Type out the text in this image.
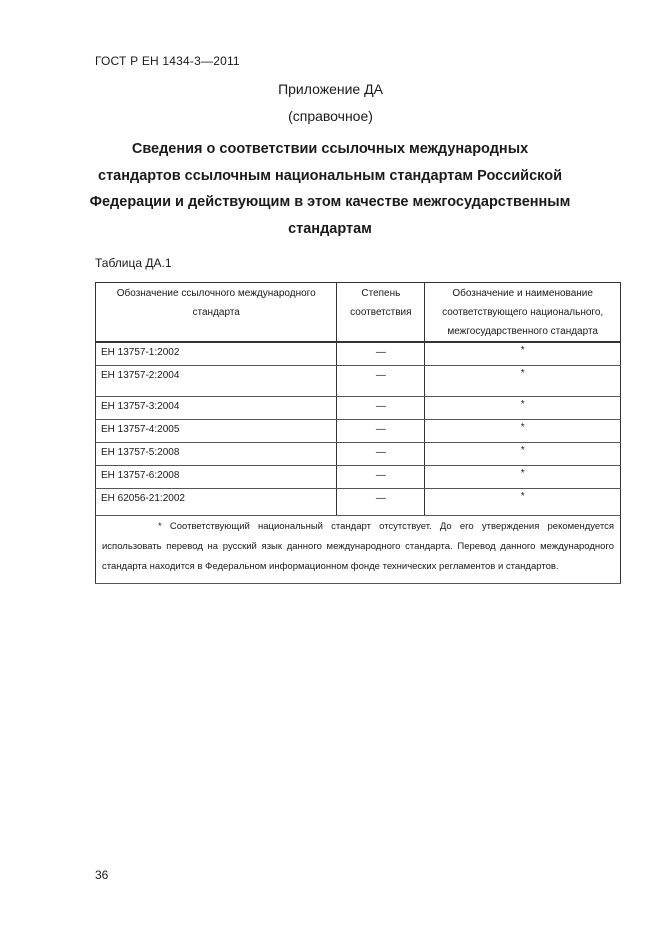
ГОСТ Р ЕН 1434-3—2011
Приложение ДА
(справочное)
Сведения о соответствии ссылочных международных
стандартов ссылочным национальным стандартам Российской
Федерации и действующим в этом качестве межгосударственным
стандартам
Таблица ДА.1
Обозначение ссылочного международного стандарта	Степень соответствия	Обозначение и наименование соответствующего национального, межгосударственного стандарта
ЕН 13757-1:2002	—	*
ЕН 13757-2:2004	—	*
ЕН 13757-3:2004	—	*
ЕН 13757-4:2005	—	*
ЕН 13757-5:2008	—	*
ЕН 13757-6:2008	—	*
ЕН 62056-21:2002	—	*
* Соответствующий национальный стандарт отсутствует. До его утверждения рекомендуется использовать перевод на русский язык данного международного стандарта. Перевод данного международного стандарта находится в Федеральном информационном фонде технических регламентов и стандартов.		
36
